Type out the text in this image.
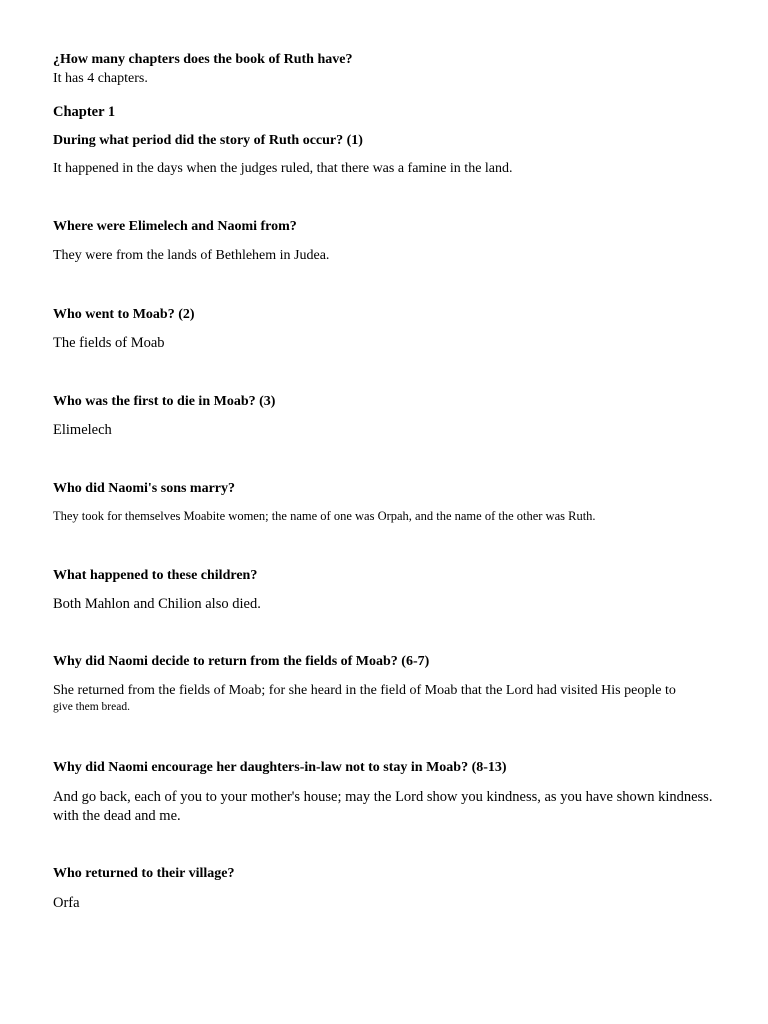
¿How many chapters does the book of Ruth have?
It has 4 chapters.
Chapter 1
During what period did the story of Ruth occur? (1)
It happened in the days when the judges ruled, that there was a famine in the land.
Where were Elimelech and Naomi from?
They were from the lands of Bethlehem in Judea.
Who went to Moab? (2)
The fields of Moab
Who was the first to die in Moab? (3)
Elimelech
Who did Naomi's sons marry?
They took for themselves Moabite women; the name of one was Orpah, and the name of the other was Ruth.
What happened to these children?
Both Mahlon and Chilion also died.
Why did Naomi decide to return from the fields of Moab? (6-7)
She returned from the fields of Moab; for she heard in the field of Moab that the Lord had visited His people to
give them bread.
Why did Naomi encourage her daughters-in-law not to stay in Moab? (8-13)
And go back, each of you to your mother's house; may the Lord show you kindness, as you have shown kindness.
with the dead and me.
Who returned to their village?
Orfa
